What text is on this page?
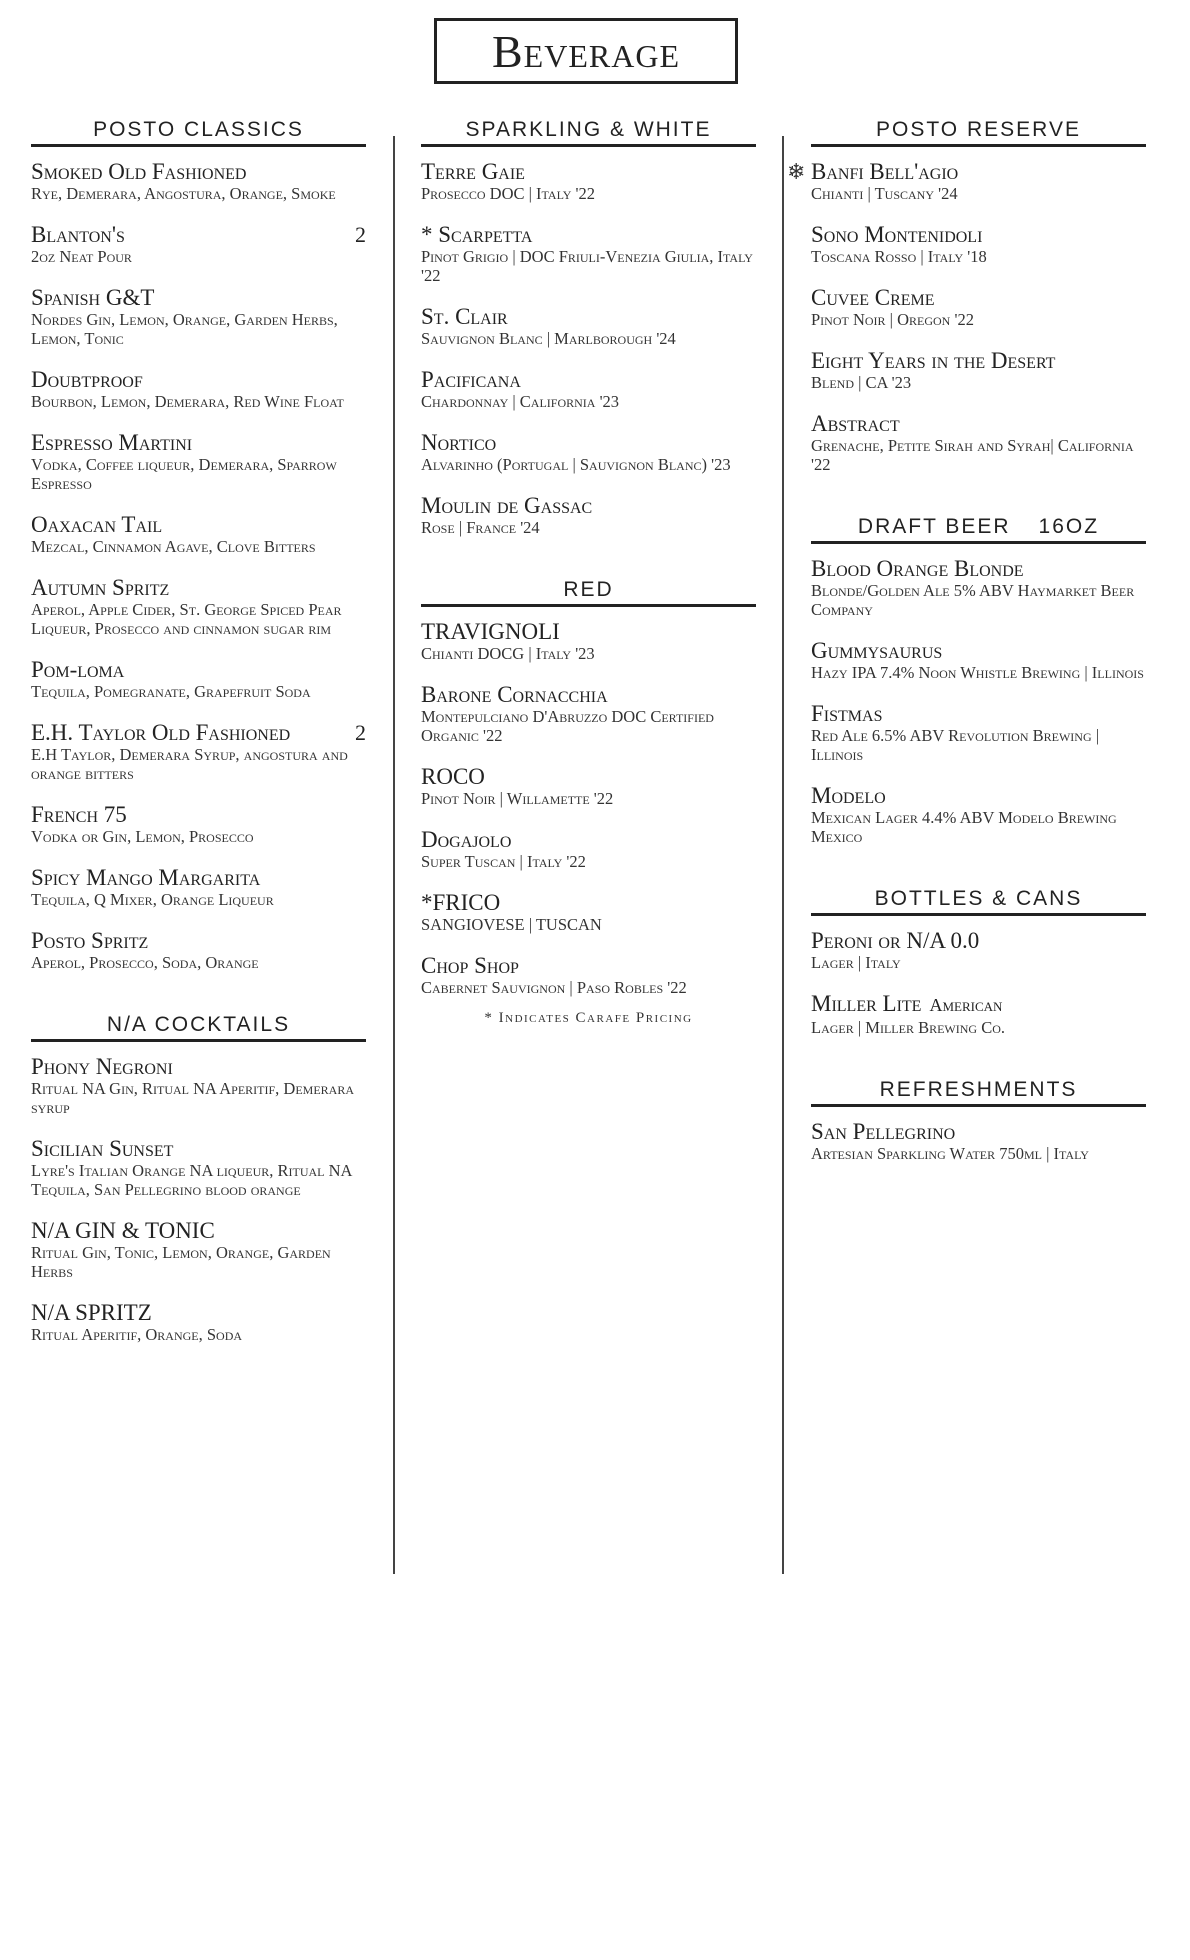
Beverage
POSTO CLASSICS
Smoked Old Fashioned
Rye, Demerara, Angostura, Orange, Smoke
Blanton's	2
2oz Neat Pour
Spanish G&T
Nordes Gin, Lemon, Orange, Garden Herbs, Lemon, Tonic
Doubtproof
Bourbon, Lemon, Demerara, Red Wine Float
Espresso Martini
Vodka, Coffee liqueur, Demerara, Sparrow Espresso
Oaxacan Tail
Mezcal, Cinnamon Agave, Clove Bitters
Autumn Spritz
Aperol, Apple Cider, St. George Spiced Pear Liqueur, Prosecco and cinnamon sugar rim
Pom-loma
Tequila, Pomegranate, Grapefruit Soda
E.H. Taylor Old Fashioned	2
E.H Taylor, Demerara Syrup, angostura and orange bitters
French 75
Vodka or Gin, Lemon, Prosecco
Spicy Mango Margarita
Tequila, Q Mixer, Orange Liqueur
Posto Spritz
Aperol, Prosecco, Soda, Orange
N/A COCKTAILS
Phony Negroni
Ritual NA Gin, Ritual NA Aperitif, Demerara syrup
Sicilian Sunset
Lyre's Italian Orange NA liqueur, Ritual NA Tequila, San Pellegrino blood orange
N/A GIN & TONIC
Ritual Gin, Tonic, Lemon, Orange, Garden Herbs
N/A SPRITZ
Ritual Aperitif, Orange, Soda
SPARKLING & WHITE
Terre Gaie
Prosecco DOC | Italy '22
* Scarpetta
Pinot Grigio | DOC Friuli-Venezia Giulia, Italy '22
St. Clair
Sauvignon Blanc | Marlborough '24
Pacificana
Chardonnay | California '23
Nortico
Alvarinho (Portugal | Sauvignon Blanc) '23
Moulin de Gassac
Rose | France '24
RED
TRAVIGNOLI
Chianti DOCG | Italy '23
Barone Cornacchia
Montepulciano D'Abruzzo DOC Certified Organic '22
ROCO
Pinot Noir | Willamette '22
Dogajolo
Super Tuscan | Italy '22
*FRICO
SANGIOVESE | TUSCAN
Chop Shop
Cabernet Sauvignon | Paso Robles '22
* Indicates Carafe Pricing
POSTO RESERVE
❄ Banfi Bell'agio
Chianti | Tuscany '24
Sono Montenidoli
Toscana Rosso | Italy '18
Cuvee Creme
Pinot Noir | Oregon '22
Eight Years in the Desert
Blend | CA '23
Abstract
Grenache, Petite Sirah and Syrah| California '22
DRAFT BEER 16OZ
Blood Orange Blonde
Blonde/Golden Ale 5% ABV Haymarket Beer Company
Gummysaurus
Hazy IPA 7.4% Noon Whistle Brewing | Illinois
Fistmas
Red Ale 6.5% ABV Revolution Brewing | Illinois
Modelo
Mexican Lager 4.4% ABV Modelo Brewing Mexico
BOTTLES & CANS
Peroni or N/A 0.0
Lager | Italy
Miller Lite American
Lager | Miller Brewing Co.
REFRESHMENTS
San Pellegrino
Artesian Sparkling Water 750ml | Italy
